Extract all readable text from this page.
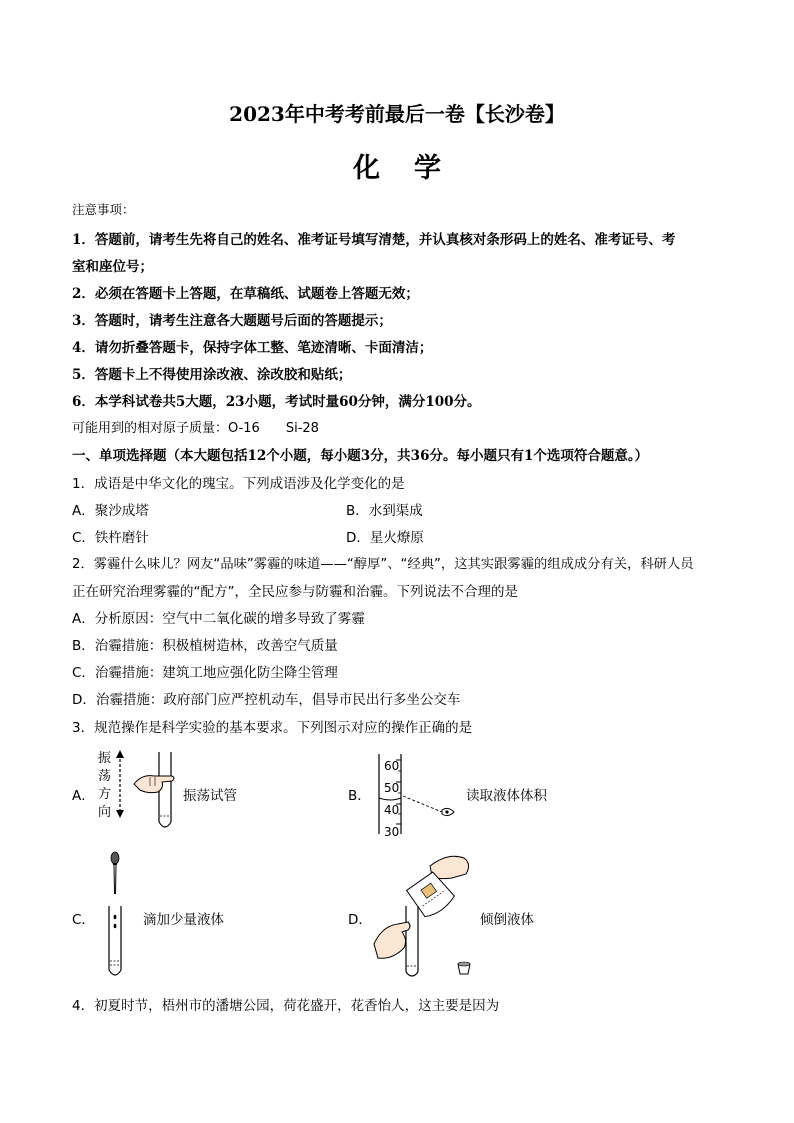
2023年中考考前最后一卷【长沙卷】
化学
注意事项：
1．答题前，请考生先将自己的姓名、准考证号填写清楚，并认真核对条形码上的姓名、准考证号、考
室和座位号；
2．必须在答题卡上答题，在草稿纸、试题卷上答题无效；
3．答题时，请考生注意各大题题号后面的答题提示；
4．请勿折叠答题卡，保持字体工整、笔迹清晰、卡面清洁；
5．答题卡上不得使用涂改液、涂改胶和贴纸；
6．本学科试卷共5大题，23小题，考试时量60分钟，满分100分。
可能用到的相对原子质量：O-16　　Si-28
一、单项选择题（本大题包括12个小题，每小题3分，共36分。每小题只有1个选项符合题意。）
1．成语是中华文化的瑰宝。下列成语涉及化学变化的是
A．聚沙成塔	B．水到渠成
C．铁杵磨针	D．星火燎原
2．雾霾什么味儿？网友“品味”雾霾的味道——“醇厚”、“经典”，这其实跟雾霾的组成成分有关，科研人员
正在研究治理雾霾的“配方”，全民应参与防霾和治霾。下列说法不合理的是
A．分析原因：空气中二氧化碳的增多导致了雾霾
B．治霾措施：积极植树造林，改善空气质量
C．治霾措施：建筑工地应强化防尘降尘管理
D．治霾措施：政府部门应严控机动车，倡导市民出行多坐公交车
3．规范操作是科学实验的基本要求。下列图示对应的操作正确的是
A．
振
荡
方
向
振荡试管	B．
60
50
40
30
读取液体体积
C．	滴加少量液体	D．	倾倒液体
4．初夏时节，梧州市的潘塘公园，荷花盛开，花香怡人，这主要是因为
